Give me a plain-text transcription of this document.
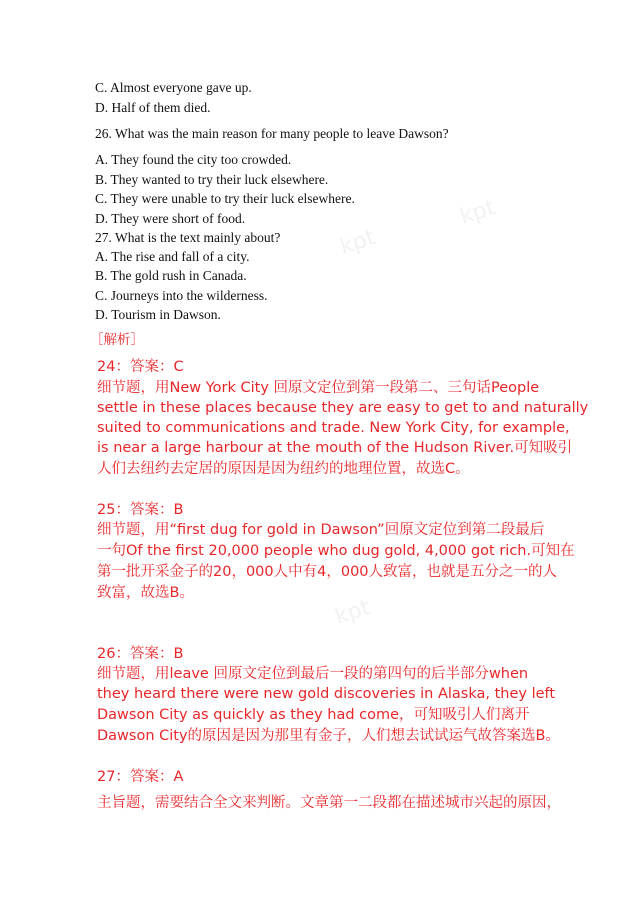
kpt
kpt
kpt
C. Almost everyone gave up.
D. Half of them died.
26. What was the main reason for many people to leave Dawson?
A. They found the city too crowded.
B. They wanted to try their luck elsewhere.
C. They were unable to try their luck elsewhere.
D. They were short of food.
27. What is the text mainly about?
A. The rise and fall of a city.
B. The gold rush in Canada.
C. Journeys into the wilderness.
D. Tourism in Dawson.
［解析］
24：答案：C
细节题，用New York City 回原文定位到第一段第二、三句话People
settle in these places because they are easy to get to and naturally
suited to communications and trade. New York City, for example,
is near a large harbour at the mouth of the Hudson River.可知吸引
人们去纽约去定居的原因是因为纽约的地理位置，故选C。
25：答案：B
细节题，用“first dug for gold in Dawson”回原文定位到第二段最后
一句Of the first 20,000 people who dug gold, 4,000 got rich.可知在
第一批开采金子的20，000人中有4，000人致富，也就是五分之一的人
致富，故选B。
26：答案：B
细节题，用leave 回原文定位到最后一段的第四句的后半部分when
they heard there were new gold discoveries in Alaska, they left
Dawson City as quickly as they had come，可知吸引人们离开
Dawson City的原因是因为那里有金子，人们想去试试运气故答案选B。
27：答案：A
主旨题，需要结合全文来判断。文章第一二段都在描述城市兴起的原因，
